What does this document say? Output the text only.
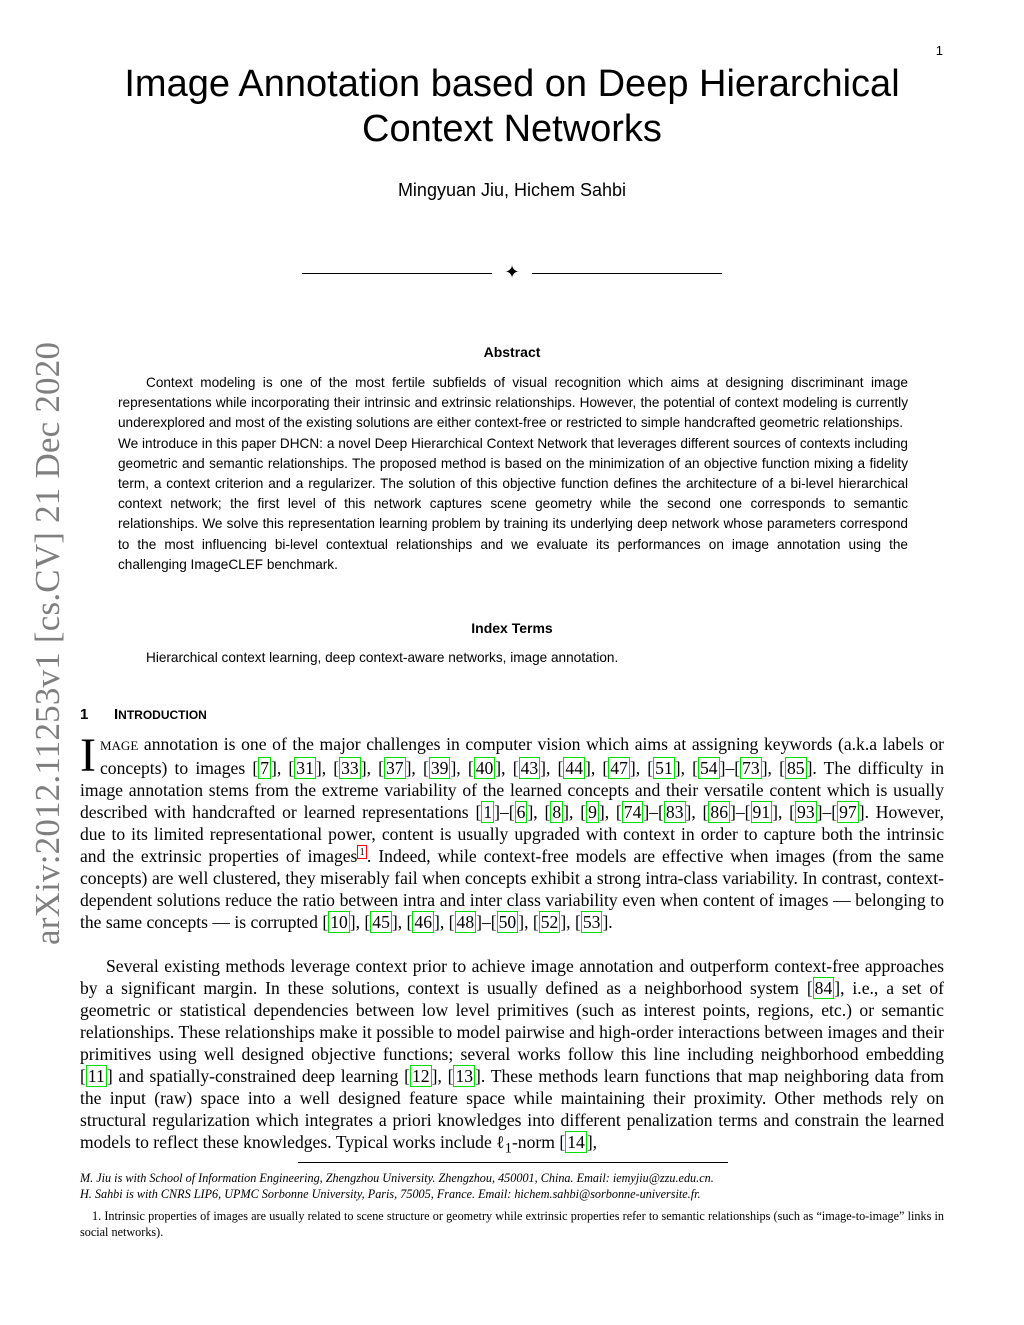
1
arXiv:2012.11253v1 [cs.CV] 21 Dec 2020
Image Annotation based on Deep Hierarchical
Context Networks
Mingyuan Jiu, Hichem Sahbi
✦
Abstract

Context modeling is one of the most fertile subfields of visual recognition which aims at designing discriminant image representations while incorporating their intrinsic and extrinsic relationships. However, the potential of context modeling is currently underexplored and most of the existing solutions are either context-free or restricted to simple handcrafted geometric relationships.

We introduce in this paper DHCN: a novel Deep Hierarchical Context Network that leverages different sources of contexts including geometric and semantic relationships. The proposed method is based on the minimization of an objective function mixing a fidelity term, a context criterion and a regularizer. The solution of this objective function defines the architecture of a bi-level hierarchical context network; the first level of this network captures scene geometry while the second one corresponds to semantic relationships. We solve this representation learning problem by training its underlying deep network whose parameters correspond to the most influencing bi-level contextual relationships and we evaluate its performances on image annotation using the challenging ImageCLEF benchmark.

Index Terms
Hierarchical context learning, deep context-aware networks, image annotation.
1 INTRODUCTION

IMAGE annotation is one of the major challenges in computer vision which aims at assigning keywords (a.k.a labels or concepts) to images [ 7 ], [ 31 ], [ 33 ], [ 37 ], [ 39 ], [ 40 ], [ 43 ], [ 44 ], [ 47 ], [ 51 ], [ 54 ]–[ 73 ], [ 85 ]. The difficulty in image annotation stems from the extreme variability of the learned concepts and their versatile content which is usually described with handcrafted or learned representations [ 1 ]–[ 6 ], [ 8 ], [ 9 ], [ 74 ]–[ 83 ], [ 86 ]–[ 91 ], [ 93 ]–[ 97 ]. However, due to its limited representational power, content is usually upgraded with context in order to capture both the intrinsic and the extrinsic properties of images $^1$ . Indeed, while context-free models are effective when images (from the same concepts) are well clustered, they miserably fail when concepts exhibit a strong intra-class variability. In contrast, context-dependent solutions reduce the ratio between intra and inter class variability even when content of images — belonging to the same concepts — is corrupted [ 10 ], [ 45 ], [ 46 ], [ 48 ]–[ 50 ], [ 52 ], [ 53 ].

Several existing methods leverage context prior to achieve image annotation and outperform context-free approaches by a significant margin. In these solutions, context is usually defined as a neighborhood system [ 84 ], i.e., a set of geometric or statistical dependencies between low level primitives (such as interest points, regions, etc.) or semantic relationships. These relationships make it possible to model pairwise and high-order interactions between images and their primitives using well designed objective functions; several works follow this line including neighborhood embedding [ 11 ] and spatially-constrained deep learning [ 12 ], [ 13 ]. These methods learn functions that map neighboring data from the input (raw) space into a well designed feature space while maintaining their proximity. Other methods rely on structural regularization which integrates a priori knowledges into different penalization terms and constrain the learned models to reflect these knowledges. Typical works include ℓ$_1$-norm [ 14 ],

M. Jiu is with School of Information Engineering, Zhengzhou University. Zhengzhou, 450001, China. Email: iemyjiu@zzu.edu.cn.
H. Sahbi is with CNRS LIP6, UPMC Sorbonne University, Paris, 75005, France. Email: hichem.sahbi@sorbonne-universite.fr.
1. Intrinsic properties of images are usually related to scene structure or geometry while extrinsic properties refer to semantic relationships (such as “image-to-image” links in social networks).
